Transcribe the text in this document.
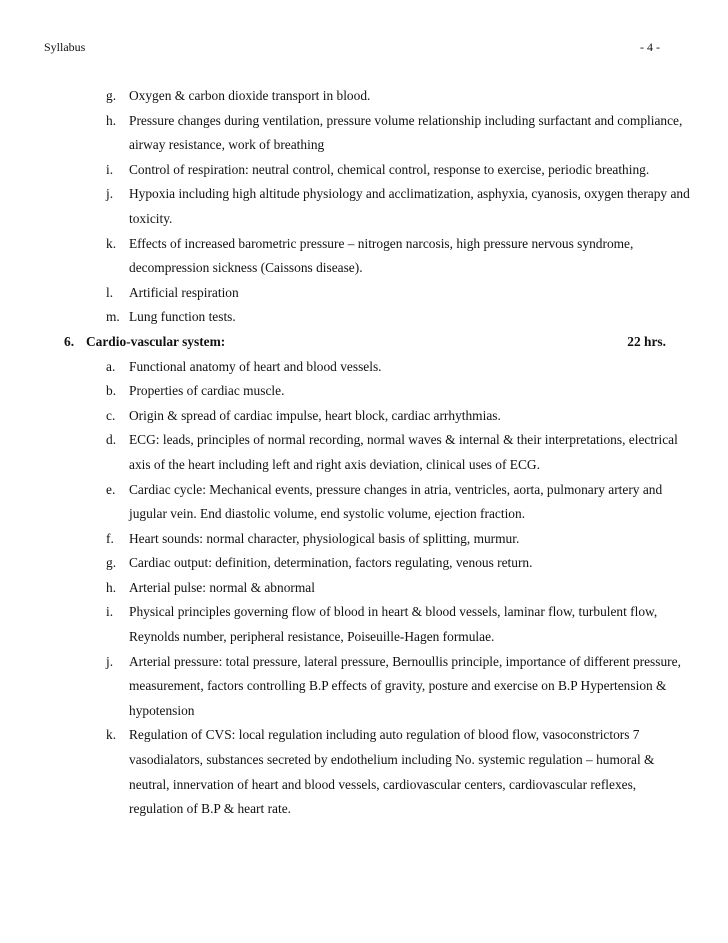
Syllabus	- 4 -
g. Oxygen & carbon dioxide transport in blood.
h. Pressure changes during ventilation, pressure volume relationship including surfactant and compliance, airway resistance, work of breathing
i. Control of respiration: neutral control, chemical control, response to exercise, periodic breathing.
j. Hypoxia including high altitude physiology and acclimatization, asphyxia, cyanosis, oxygen therapy and toxicity.
k. Effects of increased barometric pressure – nitrogen narcosis, high pressure nervous syndrome, decompression sickness (Caissons disease).
l. Artificial respiration
m. Lung function tests.
6. Cardio-vascular system:	22 hrs.
a. Functional anatomy of heart and blood vessels.
b. Properties of cardiac muscle.
c. Origin & spread of cardiac impulse, heart block, cardiac arrhythmias.
d. ECG: leads, principles of normal recording, normal waves & internal & their interpretations, electrical axis of the heart including left and right axis deviation, clinical uses of ECG.
e. Cardiac cycle: Mechanical events, pressure changes in atria, ventricles, aorta, pulmonary artery and jugular vein. End diastolic volume, end systolic volume, ejection fraction.
f. Heart sounds: normal character, physiological basis of splitting, murmur.
g. Cardiac output: definition, determination, factors regulating, venous return.
h. Arterial pulse: normal & abnormal
i. Physical principles governing flow of blood in heart & blood vessels, laminar flow, turbulent flow, Reynolds number, peripheral resistance, Poiseuille-Hagen formulae.
j. Arterial pressure: total pressure, lateral pressure, Bernoullis principle, importance of different pressure, measurement, factors controlling B.P effects of gravity, posture and exercise on B.P Hypertension & hypotension
k. Regulation of CVS: local regulation including auto regulation of blood flow, vasoconstrictors 7 vasodialators, substances secreted by endothelium including No. systemic regulation – humoral & neutral, innervation of heart and blood vessels, cardiovascular centers, cardiovascular reflexes, regulation of B.P & heart rate.
